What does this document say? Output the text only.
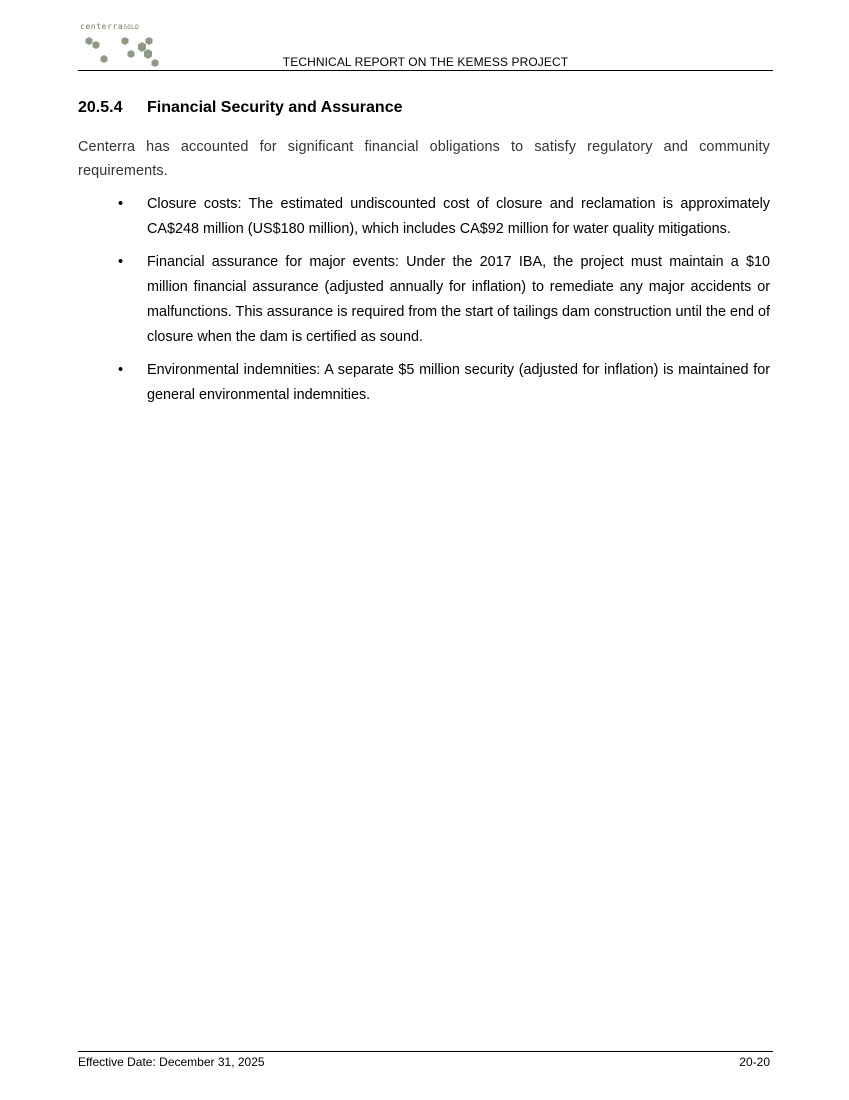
centerraGOLD
TECHNICAL REPORT ON THE KEMESS PROJECT
20.5.4	Financial Security and Assurance

Centerra has accounted for significant financial obligations to satisfy regulatory and community requirements.

• Closure costs: The estimated undiscounted cost of closure and reclamation is approximately CA$248 million (US$180 million), which includes CA$92 million for water quality mitigations.
• Financial assurance for major events: Under the 2017 IBA, the project must maintain a $10 million financial assurance (adjusted annually for inflation) to remediate any major accidents or malfunctions. This assurance is required from the start of tailings dam construction until the end of closure when the dam is certified as sound.
• Environmental indemnities: A separate $5 million security (adjusted for inflation) is maintained for general environmental indemnities.
Effective Date: December 31, 2025	20-20
